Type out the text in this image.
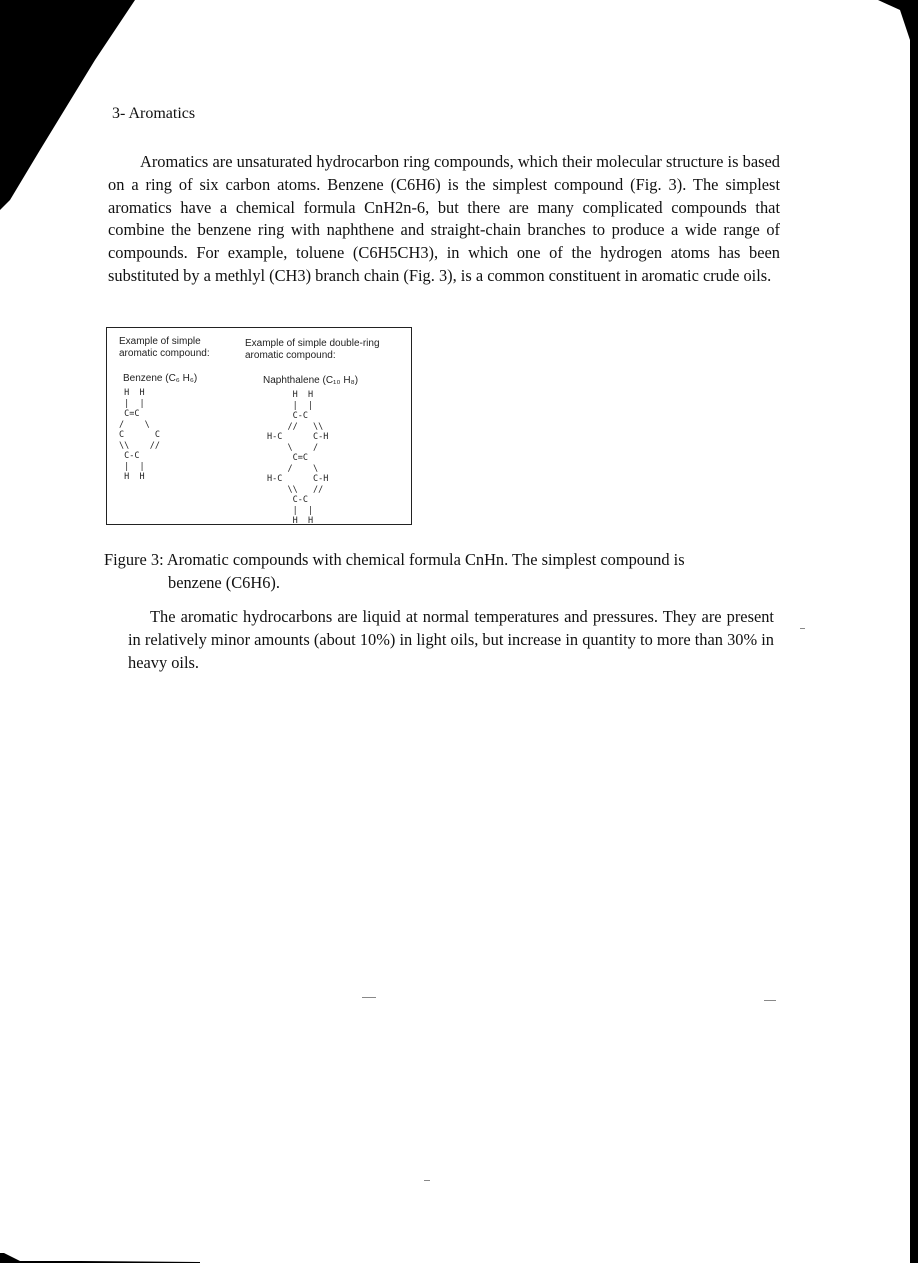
3- Aromatics
Aromatics are unsaturated hydrocarbon ring compounds, which their molecular structure is based on a ring of six carbon atoms. Benzene (C6H6) is the simplest compound (Fig. 3). The simplest aromatics have a chemical formula CnH2n-6, but there are many complicated compounds that combine the benzene ring with naphthene and straight-chain branches to produce a wide range of compounds. For example, toluene (C6H5CH3), in which one of the hydrogen atoms has been substituted by a methlyl (CH3) branch chain (Fig. 3), is a common constituent in aromatic crude oils.
Example of simple aromatic compound:
Example of simple double-ring aromatic compound:
Benzene (C₆ H₆)	Naphthalene (C₁₀ H₈)
H  H
|  |
C=C
/    \
C      C
\\    //
C-C
|  |
H  H
H  H
|  |
C-C
//   \\
H-C      C-H
\    /
C=C
/    \
H-C      C-H
\\   //
C-C
|  |
H  H
Figure 3: Aromatic compounds with chemical formula CnHn. The simplest compound is
benzene (C6H6).
The aromatic hydrocarbons are liquid at normal temperatures and pressures. They are present in relatively minor amounts (about 10%) in light oils, but increase in quantity to more than 30% in heavy oils.
